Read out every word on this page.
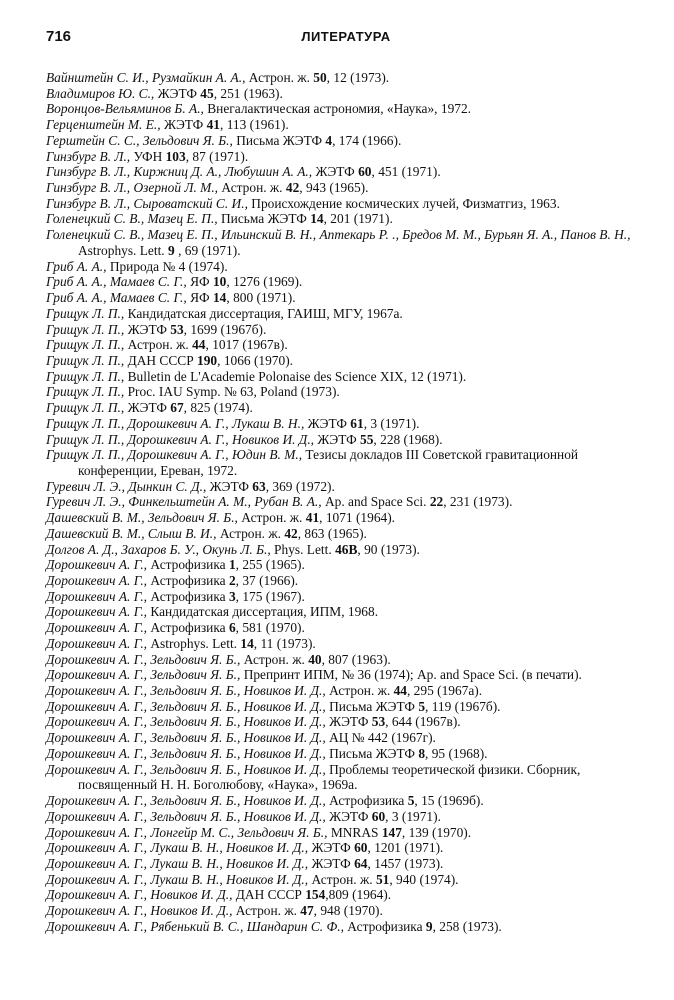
716	ЛИТЕРАТУРА
Вайнштейн С. И., Рузмайкин А. А., Астрон. ж. 50, 12 (1973).
Владимиров Ю. С., ЖЭТФ 45, 251 (1963).
Воронцов-Вельяминов Б. А., Внегалактическая астрономия, «Наука», 1972.
Герценштейн М. Е., ЖЭТФ 41, 113 (1961).
Герштейн С. С., Зельдович Я. Б., Письма ЖЭТФ 4, 174 (1966).
Гинзбург В. Л., УФН 103, 87 (1971).
Гинзбург В. Л., Киржниц Д. А., Любушин А. А., ЖЭТФ 60, 451 (1971).
Гинзбург В. Л., Озерной Л. М., Астрон. ж. 42, 943 (1965).
Гинзбург В. Л., Сыроватский С. И., Происхождение космических лучей, Физматгиз, 1963.
Голенецкий С. В., Мазец Е. П., Письма ЖЭТФ 14, 201 (1971).
Голенецкий С. В., Мазец Е. П., Ильинский В. Н., Аптекарь Р. ., Бредов М. М., Бурьян Я. А., Панов В. Н., Astrophys. Lett. 9 , 69 (1971).
Гриб А. А., Природа № 4 (1974).
Гриб А. А., Мамаев С. Г., ЯФ 10, 1276 (1969).
Гриб А. А., Мамаев С. Г., ЯФ 14, 800 (1971).
Грищук Л. П., Кандидатская диссертация, ГАИШ, МГУ, 1967а.
Грищук Л. П., ЖЭТФ 53, 1699 (1967б).
Грищук Л. П., Астрон. ж. 44, 1017 (1967в).
Грищук Л. П., ДАН СССР 190, 1066 (1970).
Грищук Л. П., Bulletin de L'Academie Polonaise des Science XIX, 12 (1971).
Грищук Л. П., Proc. IAU Symp. № 63, Poland (1973).
Грищук Л. П., ЖЭТФ 67, 825 (1974).
Грищук Л. П., Дорошкевич А. Г., Лукаш В. Н., ЖЭТФ 61, 3 (1971).
Грищук Л. П., Дорошкевич А. Г., Новиков И. Д., ЖЭТФ 55, 228 (1968).
Грищук Л. П., Дорошкевич А. Г., Юдин В. М., Тезисы докладов III Советской гравитационной конференции, Ереван, 1972.
Гуревич Л. Э., Дынкин С. Д., ЖЭТФ 63, 369 (1972).
Гуревич Л. Э., Финкельштейн А. М., Рубан В. А., Ap. and Space Sci. 22, 231 (1973).
Дашевский В. М., Зельдович Я. Б., Астрон. ж. 41, 1071 (1964).
Дашевский В. М., Слыш В. И., Астрон. ж. 42, 863 (1965).
Долгов А. Д., Захаров Б. У., Окунь Л. Б., Phys. Lett. 46В, 90 (1973).
Дорошкевич А. Г., Астрофизика 1, 255 (1965).
Дорошкевич А. Г., Астрофизика 2, 37 (1966).
Дорошкевич А. Г., Астрофизика 3, 175 (1967).
Дорошкевич А. Г., Кандидатская диссертация, ИПМ, 1968.
Дорошкевич А. Г., Астрофизика 6, 581 (1970).
Дорошкевич А. Г., Astrophys. Lett. 14, 11 (1973).
Дорошкевич А. Г., Зельдович Я. Б., Астрон. ж. 40, 807 (1963).
Дорошкевич А. Г., Зельдович Я. Б., Препринт ИПМ, № 36 (1974); Ap. and Space Sci. (в печати).
Дорошкевич А. Г., Зельдович Я. Б., Новиков И. Д., Астрон. ж. 44, 295 (1967а).
Дорошкевич А. Г., Зельдович Я. Б., Новиков И. Д., Письма ЖЭТФ 5, 119 (1967б).
Дорошкевич А. Г., Зельдович Я. Б., Новиков И. Д., ЖЭТФ 53, 644 (1967в).
Дорошкевич А. Г., Зельдович Я. Б., Новиков И. Д., АЦ № 442 (1967г).
Дорошкевич А. Г., Зельдович Я. Б., Новиков И. Д., Письма ЖЭТФ 8, 95 (1968).
Дорошкевич А. Г., Зельдович Я. Б., Новиков И. Д., Проблемы теоретической физики. Сборник, посвященный Н. Н. Боголюбову, «Наука», 1969а.
Дорошкевич А. Г., Зельдович Я. Б., Новиков И. Д., Астрофизика 5, 15 (1969б).
Дорошкевич А. Г., Зельдович Я. Б., Новиков И. Д., ЖЭТФ 60, 3 (1971).
Дорошкевич А. Г., Лонгейр М. С., Зельдович Я. Б., MNRAS 147, 139 (1970).
Дорошкевич А. Г., Лукаш В. Н., Новиков И. Д., ЖЭТФ 60, 1201 (1971).
Дорошкевич А. Г., Лукаш В. Н., Новиков И. Д., ЖЭТФ 64, 1457 (1973).
Дорошкевич А. Г., Лукаш В. Н., Новиков И. Д., Астрон. ж. 51, 940 (1974).
Дорошкевич А. Г., Новиков И. Д., ДАН СССР 154,809 (1964).
Дорошкевич А. Г., Новиков И. Д., Астрон. ж. 47, 948 (1970).
Дорошкевич А. Г., Рябенький В. С., Шандарин С. Ф., Астрофизика 9, 258 (1973).
